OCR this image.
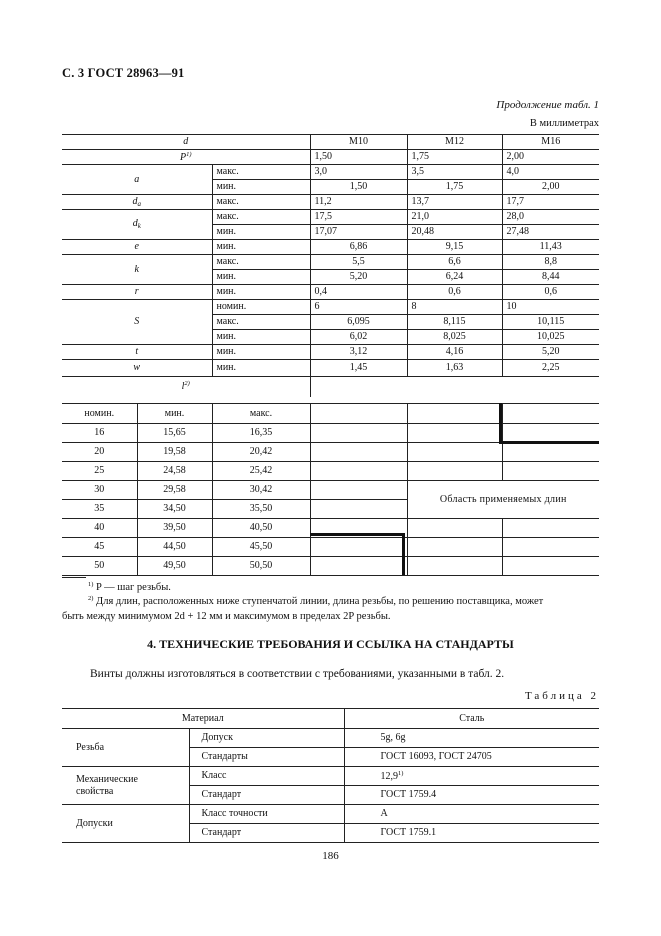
С. 3 ГОСТ 28963—91
Продолжение табл. 1
В миллиметрах
d		M10	M12	M16
$P^{1)}$		1,50	1,75	2,00
a	макс.	3,0	3,5	4,0
	мин.	1,50	1,75	2,00
$d_a$	макс.	11,2	13,7	17,7
$d_k$	макс.	17,5	21,0	28,0
	мин.	17,07	20,48	27,48
e	мин.	6,86	9,15	11,43
k	макс.	5,5	6,6	8,8
	мин.	5,20	6,24	8,44
r	мин.	0,4	0,6	0,6
S	номин.	6	8	10
	макс.	6,095	8,115	10,115
	мин.	6,02	8,025	10,025
t	мин.	3,12	4,16	5,20
w	мин.	1,45	1,63	2,25
$l^{2)}$	
номин.	мин.	макс.			
16	15,65	16,35			
20	19,58	20,42			
25	24,58	25,42			
30	29,58	30,42		Область применяемых длин	
35	34,50	35,50			
40	39,50	40,50			
45	44,50	45,50			
50	49,50	50,50			
$^{1)}$ P — шаг резьбы.
$^{2)}$ Для длин, расположенных ниже ступенчатой линии, длина резьбы, по решению поставщика, может
быть между минимумом 2d + 12 мм и максимумом в пределах 2P резьбы.
4. ТЕХНИЧЕСКИЕ ТРЕБОВАНИЯ И ССЫЛКА НА СТАНДАРТЫ
Винты должны изготовляться в соответствии с требованиями, указанными в табл. 2.
Таблица 2
Материал		Сталь
Резьба	Допуск	5g, 6g
	Стандарты	ГОСТ 16093, ГОСТ 24705
Механические свойства	Класс	12,9$^{1)}$
	Стандарт	ГОСТ 1759.4
Допуски	Класс точности	A
	Стандарт	ГОСТ 1759.1
186
